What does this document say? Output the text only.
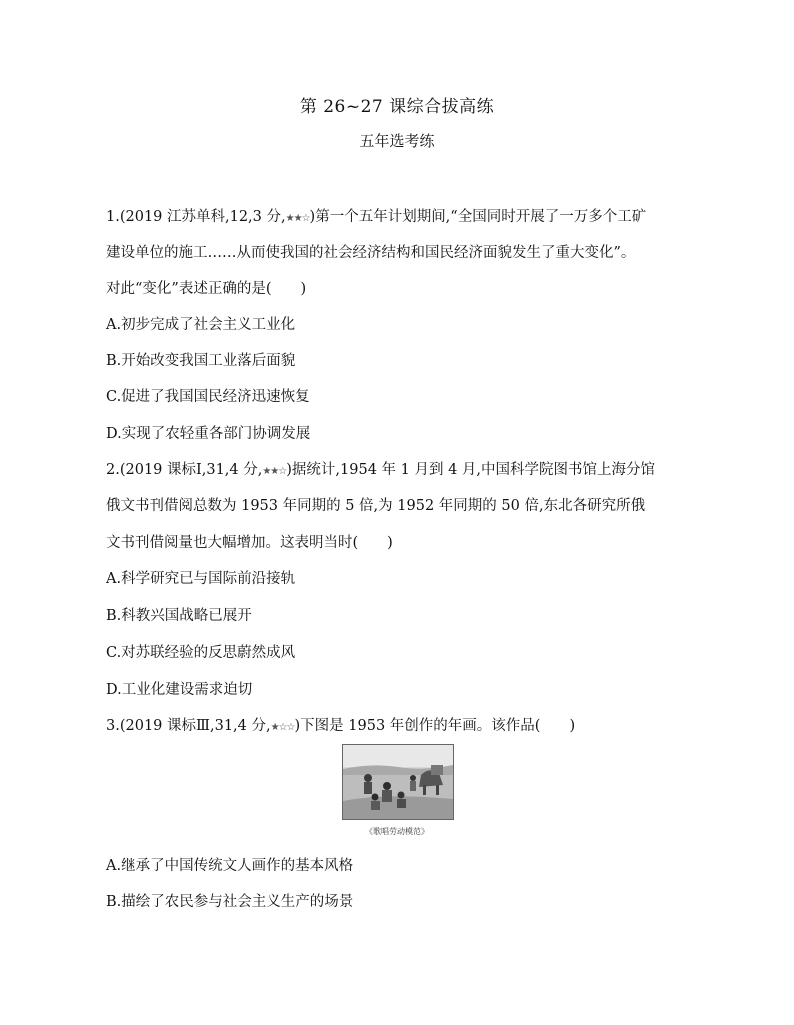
第 26~27 课综合拔高练
五年选考练
1.(2019 江苏单科,12,3 分,★★☆)第一个五年计划期间,“全国同时开展了一万多个工矿
建设单位的施工……从而使我国的社会经济结构和国民经济面貌发生了重大变化”。
对此“变化”表述正确的是(　　)
A.初步完成了社会主义工业化
B.开始改变我国工业落后面貌
C.促进了我国国民经济迅速恢复
D.实现了农轻重各部门协调发展
2.(2019 课标Ⅰ,31,4 分,★★☆)据统计,1954 年 1 月到 4 月,中国科学院图书馆上海分馆
俄文书刊借阅总数为 1953 年同期的 5 倍,为 1952 年同期的 50 倍,东北各研究所俄
文书刊借阅量也大幅增加。这表明当时(　　)
A.科学研究已与国际前沿接轨
B.科教兴国战略已展开
C.对苏联经验的反思蔚然成风
D.工业化建设需求迫切
3.(2019 课标Ⅲ,31,4 分,★☆☆)下图是 1953 年创作的年画。该作品(　　)
《歌唱劳动模范》
A.继承了中国传统文人画作的基本风格
B.描绘了农民参与社会主义生产的场景
